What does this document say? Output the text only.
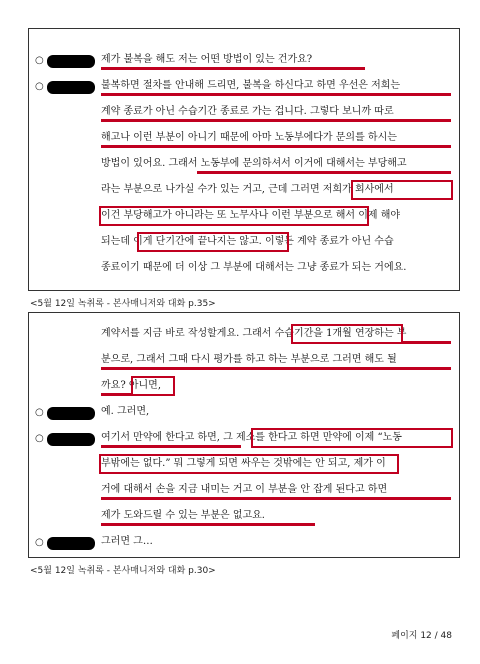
○	제가 불복을 해도 저는 어떤 방법이 있는 건가요?
○	불복하면 절차를 안내해 드리면, 불복을 하신다고 하면 우선은 저희는
계약 종료가 아닌 수습기간 종료로 가는 겁니다. 그렇다 보니까 따로
해고나 이런 부분이 아니기 때문에 아마 노동부에다가 문의를 하시는
방법이 있어요. 그래서 노동부에 문의하셔서 이거에 대해서는 부당해고
라는 부분으로 나가실 수가 있는 거고, 근데 그러면 저희가 회사에서
이건 부당해고가 아니라는 또 노무사나 이런 부분으로 해서 이제 해야
되는데 이게 단기간에 끝나지는 않고. 이렇든 계약 종료가 아닌 수습
종료이기 때문에 더 이상 그 부분에 대해서는 그냥 종료가 되는 거에요.
<5월 12일 녹취록 - 본사매니저와 대화 p.35>
계약서를 지금 바로 작성할게요. 그래서 수습기간을 1개월 연장하는 부
분으로, 그래서 그때 다시 평가를 하고 하는 부분으로 그러면 해도 될
까요? 아니면,
○	예. 그러면,
○	여기서 만약에 한다고 하면, 그 제소를 한다고 하면 만약에 이제 “노동
부밖에는 없다.” 뭐 그렇게 되면 싸우는 것밖에는 안 되고, 제가 이
거에 대해서 손을 지금 내미는 거고 이 부분을 안 잡게 된다고 하면
제가 도와드릴 수 있는 부분은 없고요.
○	그러면 그…
<5월 12일 녹취록 - 본사매니저와 대화 p.30>
페이지 12 / 48
